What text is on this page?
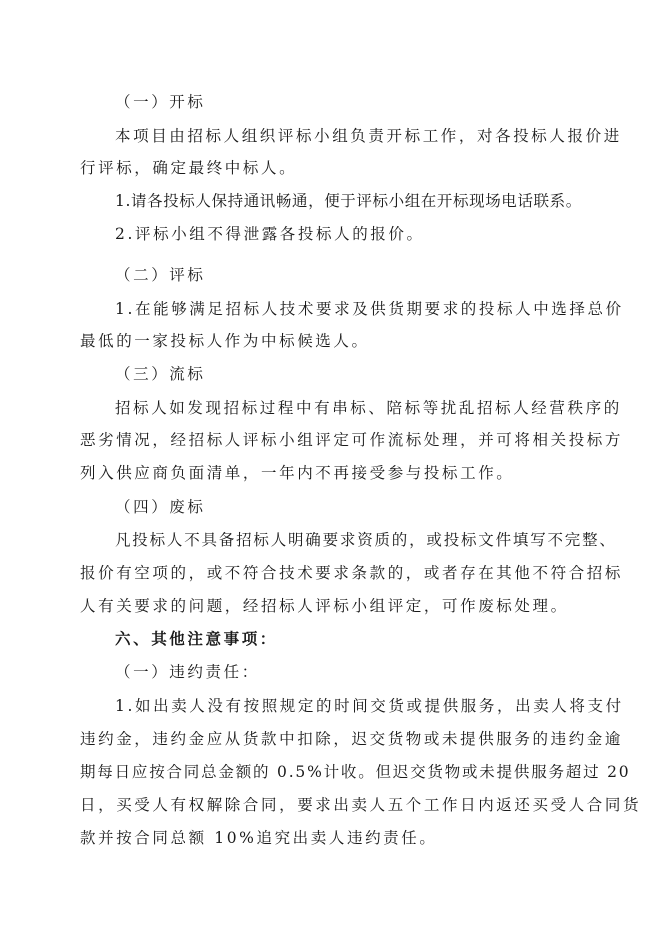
（一）开标
本项目由招标人组织评标小组负责开标工作，对各投标人报价进
行评标，确定最终中标人。
1.请各投标人保持通讯畅通，便于评标小组在开标现场电话联系。
2.评标小组不得泄露各投标人的报价。
（二）评标
1.在能够满足招标人技术要求及供货期要求的投标人中选择总价
最低的一家投标人作为中标候选人。
（三）流标
招标人如发现招标过程中有串标、陪标等扰乱招标人经营秩序的
恶劣情况，经招标人评标小组评定可作流标处理，并可将相关投标方
列入供应商负面清单，一年内不再接受参与投标工作。
（四）废标
凡投标人不具备招标人明确要求资质的，或投标文件填写不完整、
报价有空项的，或不符合技术要求条款的，或者存在其他不符合招标
人有关要求的问题，经招标人评标小组评定，可作废标处理。
六、其他注意事项：
（一）违约责任：
1.如出卖人没有按照规定的时间交货或提供服务，出卖人将支付
违约金，违约金应从货款中扣除，迟交货物或未提供服务的违约金逾
期每日应按合同总金额的 0.5%计收。但迟交货物或未提供服务超过 20
日，买受人有权解除合同，要求出卖人五个工作日内返还买受人合同货
款并按合同总额 10%追究出卖人违约责任。
